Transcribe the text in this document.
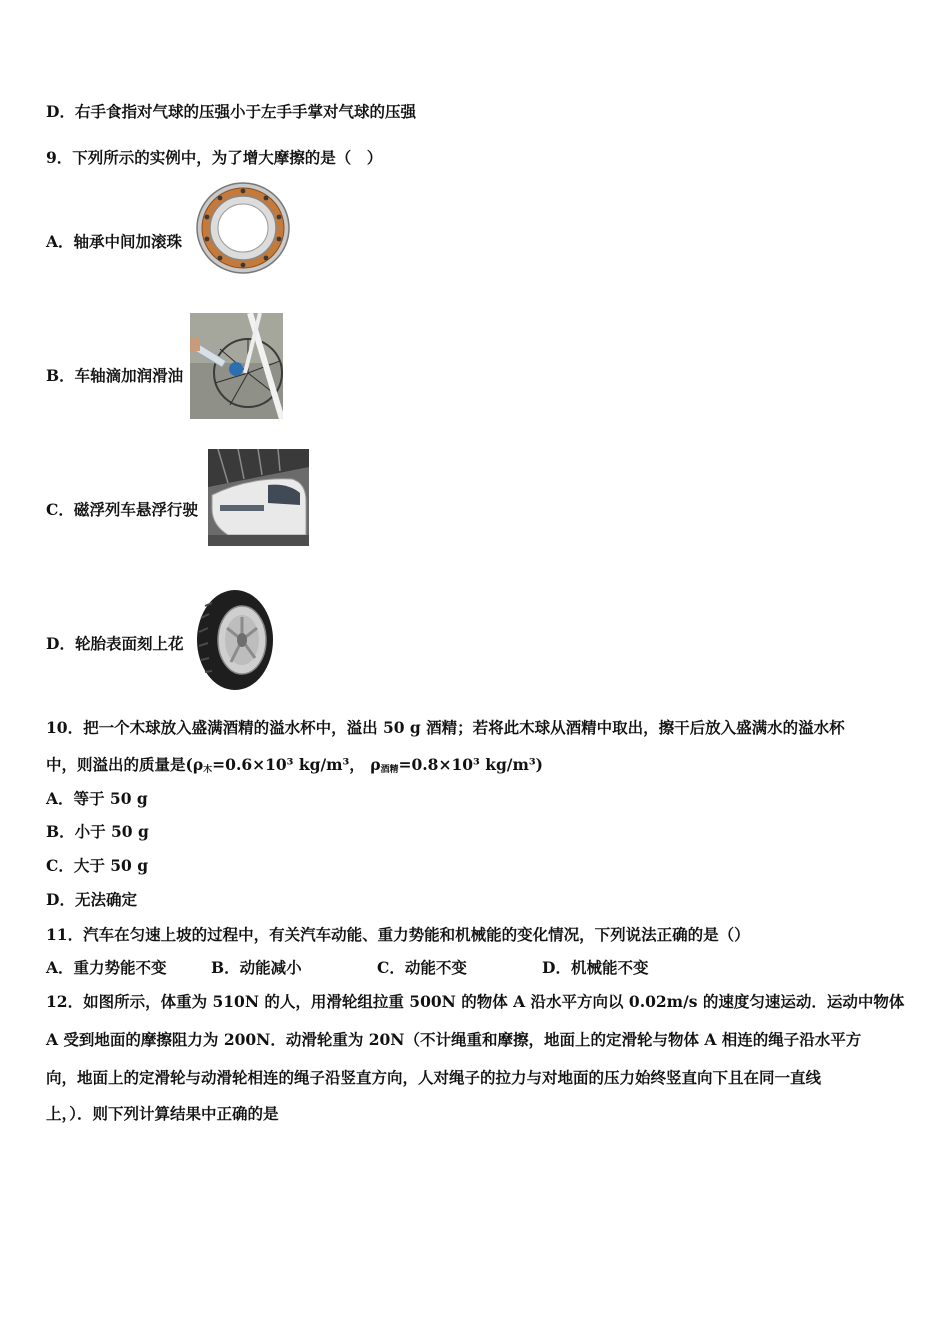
D．右手食指对气球的压强小于左手手掌对气球的压强
9．下列所示的实例中，为了增大摩擦的是（　）
A．轴承中间加滚珠
B．车轴滴加润滑油
C．磁浮列车悬浮行驶
D．轮胎表面刻上花
10．把一个木球放入盛满酒精的溢水杯中，溢出 50 g 酒精；若将此木球从酒精中取出，擦干后放入盛满水的溢水杯
中，则溢出的质量是($\rho_木=0.6\times 10^3$ kg/m³， $\rho_{酒精}=0.8\times 10^3$ kg/m³)
A．等于 50 g
B．小于 50 g
C．大于 50 g
D．无法确定
11．汽车在匀速上坡的过程中，有关汽车动能、重力势能和机械能的变化情况，下列说法正确的是（）
A．重力势能不变	B．动能减小	C．动能不变	D．机械能不变
12．如图所示，体重为 510N 的人，用滑轮组拉重 500N 的物体 A 沿水平方向以 0.02m/s 的速度匀速运动．运动中物体
A 受到地面的摩擦阻力为 200N．动滑轮重为 20N（不计绳重和摩擦，地面上的定滑轮与物体 A 相连的绳子沿水平方
向，地面上的定滑轮与动滑轮相连的绳子沿竖直方向，人对绳子的拉力与对地面的压力始终竖直向下且在同一直线
上，）．则下列计算结果中正确的是
